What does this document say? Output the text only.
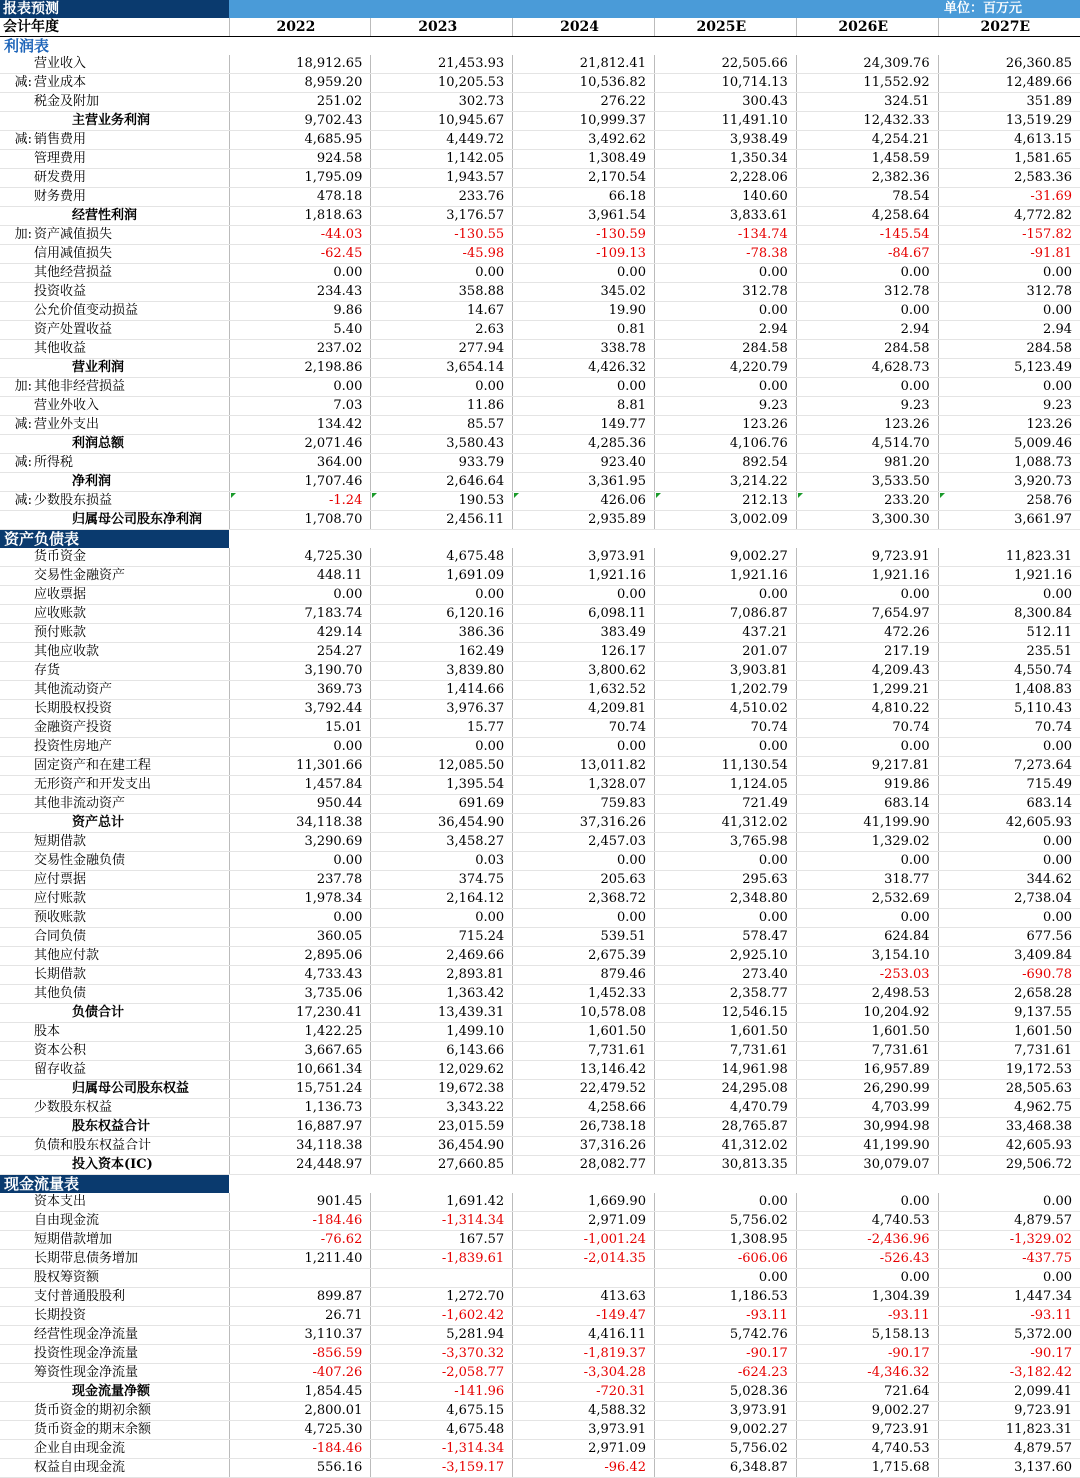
报表预测	单位：百万元
会计年度	2022	2023	2024	2025E	2026E	2027E
利润表						
营业收入	18,912.65	21,453.93	21,812.41	22,505.66	24,309.76	26,360.85
减: 营业成本	8,959.20	10,205.53	10,536.82	10,714.13	11,552.92	12,489.66
税金及附加	251.02	302.73	276.22	300.43	324.51	351.89
主营业务利润	9,702.43	10,945.67	10,999.37	11,491.10	12,432.33	13,519.29
减: 销售费用	4,685.95	4,449.72	3,492.62	3,938.49	4,254.21	4,613.15
管理费用	924.58	1,142.05	1,308.49	1,350.34	1,458.59	1,581.65
研发费用	1,795.09	1,943.57	2,170.54	2,228.06	2,382.36	2,583.36
财务费用	478.18	233.76	66.18	140.60	78.54	-31.69
经营性利润	1,818.63	3,176.57	3,961.54	3,833.61	4,258.64	4,772.82
加: 资产减值损失	-44.03	-130.55	-130.59	-134.74	-145.54	-157.82
信用减值损失	-62.45	-45.98	-109.13	-78.38	-84.67	-91.81
其他经营损益	0.00	0.00	0.00	0.00	0.00	0.00
投资收益	234.43	358.88	345.02	312.78	312.78	312.78
公允价值变动损益	9.86	14.67	19.90	0.00	0.00	0.00
资产处置收益	5.40	2.63	0.81	2.94	2.94	2.94
其他收益	237.02	277.94	338.78	284.58	284.58	284.58
营业利润	2,198.86	3,654.14	4,426.32	4,220.79	4,628.73	5,123.49
加: 其他非经营损益	0.00	0.00	0.00	0.00	0.00	0.00
营业外收入	7.03	11.86	8.81	9.23	9.23	9.23
减: 营业外支出	134.42	85.57	149.77	123.26	123.26	123.26
利润总额	2,071.46	3,580.43	4,285.36	4,106.76	4,514.70	5,009.46
减: 所得税	364.00	933.79	923.40	892.54	981.20	1,088.73
净利润	1,707.46	2,646.64	3,361.95	3,214.22	3,533.50	3,920.73
减: 少数股东损益	-1.24	190.53	426.06	212.13	233.20	258.76
归属母公司股东净利润	1,708.70	2,456.11	2,935.89	3,002.09	3,300.30	3,661.97
资产负债表						
货币资金	4,725.30	4,675.48	3,973.91	9,002.27	9,723.91	11,823.31
交易性金融资产	448.11	1,691.09	1,921.16	1,921.16	1,921.16	1,921.16
应收票据	0.00	0.00	0.00	0.00	0.00	0.00
应收账款	7,183.74	6,120.16	6,098.11	7,086.87	7,654.97	8,300.84
预付账款	429.14	386.36	383.49	437.21	472.26	512.11
其他应收款	254.27	162.49	126.17	201.07	217.19	235.51
存货	3,190.70	3,839.80	3,800.62	3,903.81	4,209.43	4,550.74
其他流动资产	369.73	1,414.66	1,632.52	1,202.79	1,299.21	1,408.83
长期股权投资	3,792.44	3,976.37	4,209.81	4,510.02	4,810.22	5,110.43
金融资产投资	15.01	15.77	70.74	70.74	70.74	70.74
投资性房地产	0.00	0.00	0.00	0.00	0.00	0.00
固定资产和在建工程	11,301.66	12,085.50	13,011.82	11,130.54	9,217.81	7,273.64
无形资产和开发支出	1,457.84	1,395.54	1,328.07	1,124.05	919.86	715.49
其他非流动资产	950.44	691.69	759.83	721.49	683.14	683.14
资产总计	34,118.38	36,454.90	37,316.26	41,312.02	41,199.90	42,605.93
短期借款	3,290.69	3,458.27	2,457.03	3,765.98	1,329.02	0.00
交易性金融负债	0.00	0.03	0.00	0.00	0.00	0.00
应付票据	237.78	374.75	205.63	295.63	318.77	344.62
应付账款	1,978.34	2,164.12	2,368.72	2,348.80	2,532.69	2,738.04
预收账款	0.00	0.00	0.00	0.00	0.00	0.00
合同负债	360.05	715.24	539.51	578.47	624.84	677.56
其他应付款	2,895.06	2,469.66	2,675.39	2,925.10	3,154.10	3,409.84
长期借款	4,733.43	2,893.81	879.46	273.40	-253.03	-690.78
其他负债	3,735.06	1,363.42	1,452.33	2,358.77	2,498.53	2,658.28
负债合计	17,230.41	13,439.31	10,578.08	12,546.15	10,204.92	9,137.55
股本	1,422.25	1,499.10	1,601.50	1,601.50	1,601.50	1,601.50
资本公积	3,667.65	6,143.66	7,731.61	7,731.61	7,731.61	7,731.61
留存收益	10,661.34	12,029.62	13,146.42	14,961.98	16,957.89	19,172.53
归属母公司股东权益	15,751.24	19,672.38	22,479.52	24,295.08	26,290.99	28,505.63
少数股东权益	1,136.73	3,343.22	4,258.66	4,470.79	4,703.99	4,962.75
股东权益合计	16,887.97	23,015.59	26,738.18	28,765.87	30,994.98	33,468.38
负债和股东权益合计	34,118.38	36,454.90	37,316.26	41,312.02	41,199.90	42,605.93
投入资本(IC)	24,448.97	27,660.85	28,082.77	30,813.35	30,079.07	29,506.72
现金流量表						
资本支出	901.45	1,691.42	1,669.90	0.00	0.00	0.00
自由现金流	-184.46	-1,314.34	2,971.09	5,756.02	4,740.53	4,879.57
短期借款增加	-76.62	167.57	-1,001.24	1,308.95	-2,436.96	-1,329.02
长期带息债务增加	1,211.40	-1,839.61	-2,014.35	-606.06	-526.43	-437.75
股权筹资额				0.00	0.00	0.00
支付普通股股利	899.87	1,272.70	413.63	1,186.53	1,304.39	1,447.34
长期投资	26.71	-1,602.42	-149.47	-93.11	-93.11	-93.11
经营性现金净流量	3,110.37	5,281.94	4,416.11	5,742.76	5,158.13	5,372.00
投资性现金净流量	-856.59	-3,370.32	-1,819.37	-90.17	-90.17	-90.17
筹资性现金净流量	-407.26	-2,058.77	-3,304.28	-624.23	-4,346.32	-3,182.42
现金流量净额	1,854.45	-141.96	-720.31	5,028.36	721.64	2,099.41
货币资金的期初余额	2,800.01	4,675.15	4,588.32	3,973.91	9,002.27	9,723.91
货币资金的期末余额	4,725.30	4,675.48	3,973.91	9,002.27	9,723.91	11,823.31
企业自由现金流	-184.46	-1,314.34	2,971.09	5,756.02	4,740.53	4,879.57
权益自由现金流	556.16	-3,159.17	-96.42	6,348.87	1,715.68	3,137.60
